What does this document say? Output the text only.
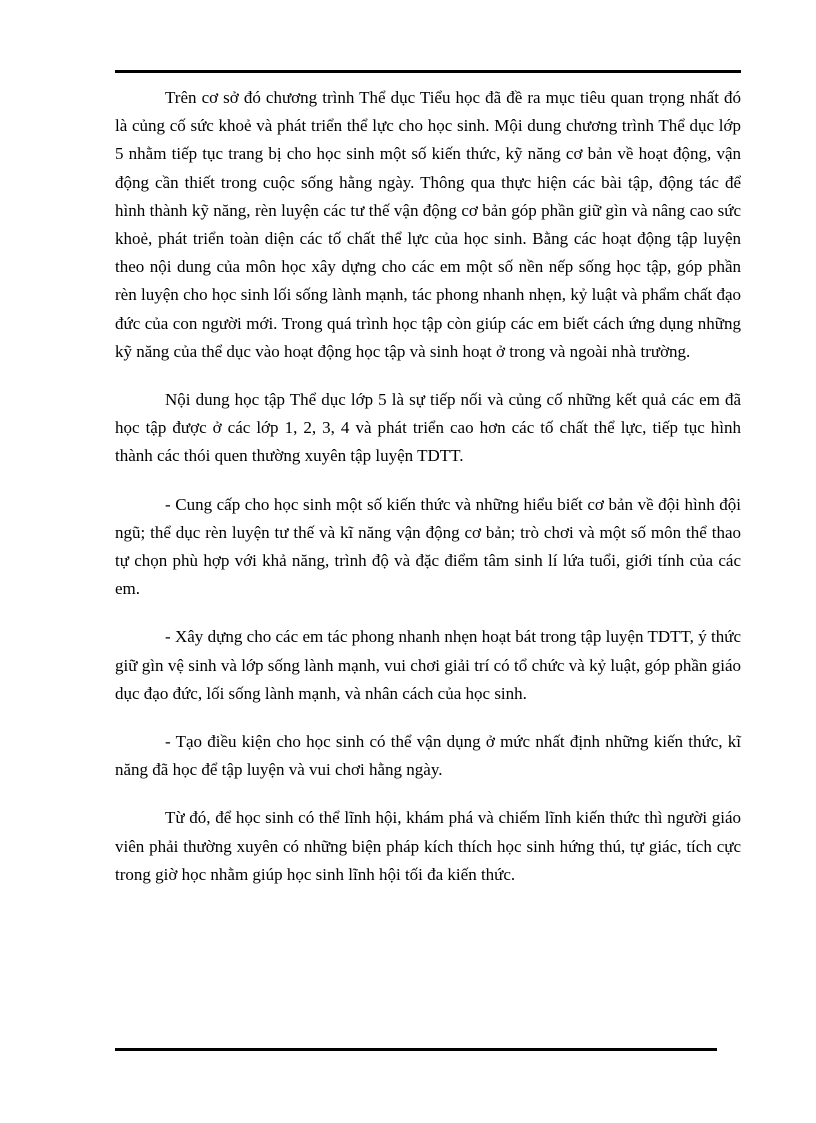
Trên cơ sở đó chương trình Thể dục Tiểu học đã đề ra mục tiêu quan trọng nhất đó là củng cố sức khoẻ và phát triển thể lực cho học sinh. Mội dung chương trình Thể dục lớp 5 nhằm tiếp tục trang bị cho học sinh một số kiến thức, kỹ năng cơ bản về hoạt động, vận động cần thiết trong cuộc sống hằng ngày. Thông qua thực hiện các bài tập, động tác để hình thành kỹ năng, rèn luyện các tư thế vận động cơ bản góp phần giữ gìn và nâng cao sức khoẻ, phát triển toàn diện các tố chất thể lực của học sinh. Bằng các hoạt động tập luyện theo nội dung của môn học xây dựng cho các em một số nền nếp sống học tập, góp phần rèn luyện cho học sinh lối sống lành mạnh, tác phong nhanh nhẹn, kỷ luật và phẩm chất đạo đức của con người mới. Trong quá trình học tập còn giúp các em biết cách ứng dụng những kỹ năng của thể dục vào hoạt động học tập và sinh hoạt ở trong và ngoài nhà trường.

Nội dung học tập Thể dục lớp 5 là sự tiếp nối và củng cố những kết quả các em đã học tập được ở các lớp 1, 2, 3, 4 và phát triển cao hơn các tố chất thể lực, tiếp tục hình thành các thói quen thường xuyên tập luyện TDTT.

- Cung cấp cho học sinh một số kiến thức và những hiểu biết cơ bản về đội hình đội ngũ; thể dục rèn luyện tư thế và kĩ năng vận động cơ bản; trò chơi và một số môn thể thao tự chọn phù hợp với khả năng, trình độ và đặc điểm tâm sinh lí lứa tuổi, giới tính của các em.

- Xây dựng cho các em tác phong nhanh nhẹn hoạt bát trong tập luyện TDTT, ý thức giữ gìn vệ sinh và lớp sống lành mạnh, vui chơi giải trí có tổ chức và kỷ luật, góp phần giáo dục đạo đức, lối sống lành mạnh, và nhân cách của học sinh.

- Tạo điều kiện cho học sinh có thể vận dụng ở mức nhất định những kiến thức, kĩ năng đã học để tập luyện và vui chơi hằng ngày.

Từ đó, để học sinh có thể lĩnh hội, khám phá và chiếm lĩnh kiến thức thì người giáo viên phải thường xuyên có những biện pháp kích thích học sinh hứng thú, tự giác, tích cực trong giờ học nhằm giúp học sinh lĩnh hội tối đa kiến thức.
